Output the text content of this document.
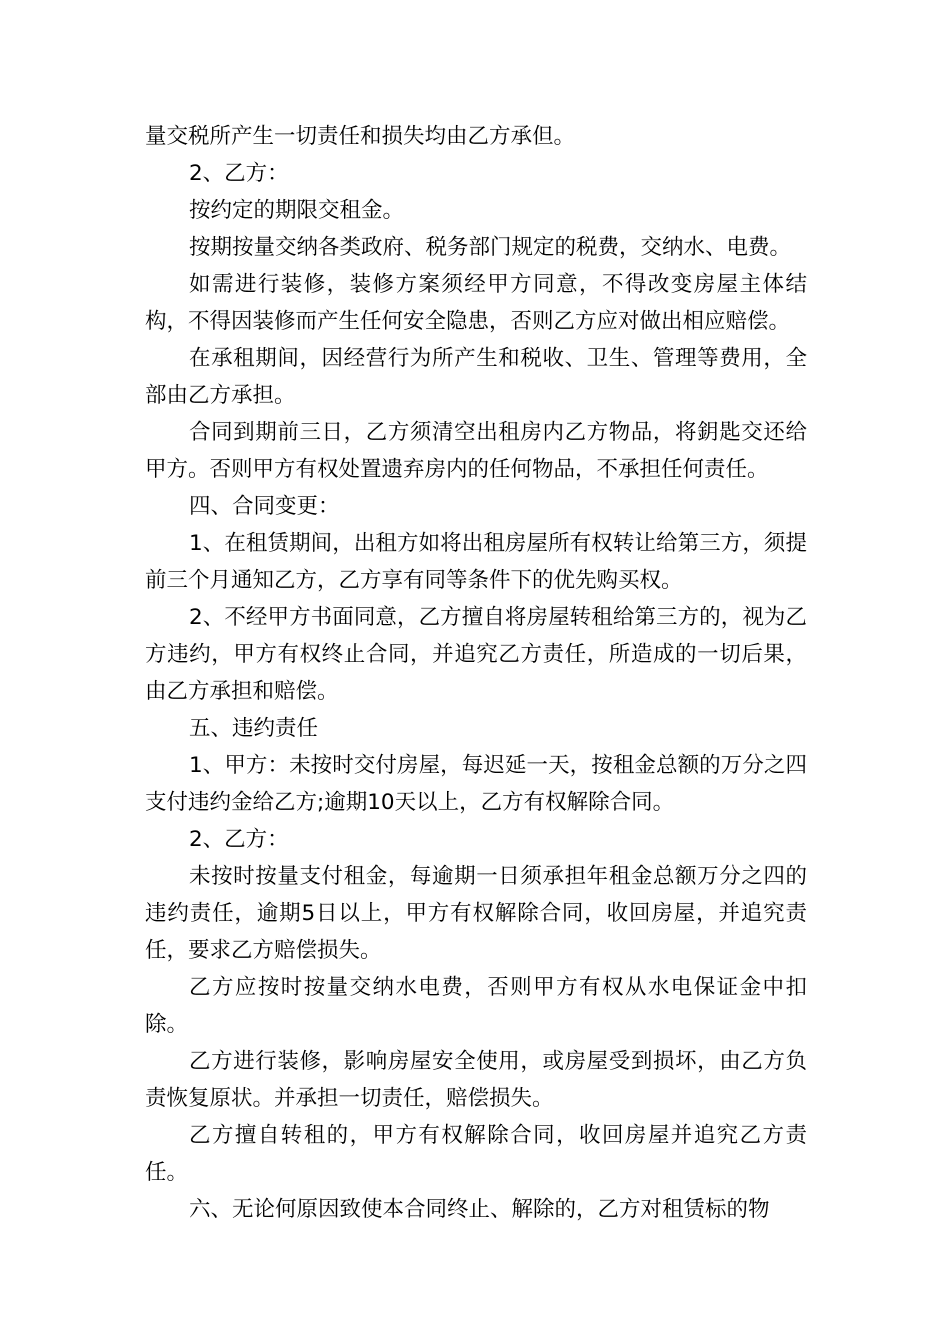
量交税所产生一切责任和损失均由乙方承但。

2、乙方：

按约定的期限交租金。

按期按量交纳各类政府、税务部门规定的税费，交纳水、电费。

如需进行装修，装修方案须经甲方同意，不得改变房屋主体结构，不得因装修而产生任何安全隐患，否则乙方应对做出相应赔偿。

在承租期间，因经营行为所产生和税收、卫生、管理等费用，全部由乙方承担。

合同到期前三日，乙方须清空出租房内乙方物品，将鈅匙交还给甲方。否则甲方有权处置遗弃房内的任何物品，不承担任何责任。

四、合同变更：

1、在租赁期间，出租方如将出租房屋所有权转让给第三方，须提前三个月通知乙方，乙方享有同等条件下的优先购买权。

2、不经甲方书面同意，乙方擅自将房屋转租给第三方的，视为乙方违约，甲方有权终止合同，并追究乙方责任，所造成的一切后果，由乙方承担和赔偿。

五、违约责任

1、甲方：未按时交付房屋，每迟延一天，按租金总额的万分之四支付违约金给乙方;逾期10天以上，乙方有权解除合同。

2、乙方：

未按时按量支付租金，每逾期一日须承担年租金总额万分之四的违约责任，逾期5日以上，甲方有权解除合同，收回房屋，并追究责任，要求乙方赔偿损失。

乙方应按时按量交纳水电费，否则甲方有权从水电保证金中扣除。

乙方进行装修，影响房屋安全使用，或房屋受到损坏，由乙方负责恢复原状。并承担一切责任，赔偿损失。

乙方擅自转租的，甲方有权解除合同，收回房屋并追究乙方责任。

六、无论何原因致使本合同终止、解除的，乙方对租赁标的物
